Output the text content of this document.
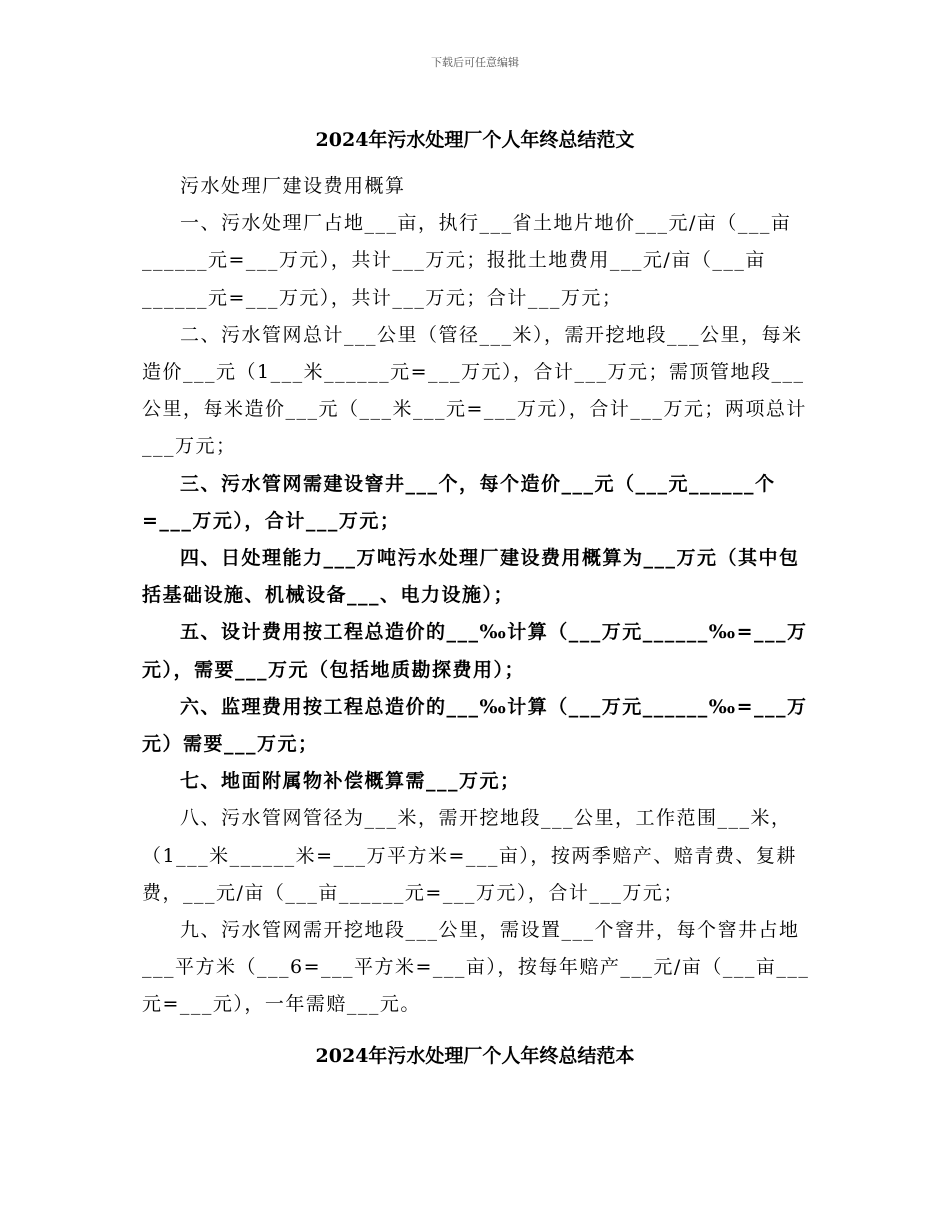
下载后可任意编辑
2024年污水处理厂个人年终总结范文

污水处理厂建设费用概算

一、污水处理厂占地___亩，执行___省土地片地价___元/亩（___亩______元=___万元），共计___万元；报批土地费用___元/亩（___亩______元=___万元），共计___万元；合计___万元；

二、污水管网总计___公里（管径___米），需开挖地段___公里，每米造价___元（1___米______元=___万元），合计___万元；需顶管地段___公里，每米造价___元（___米___元=___万元），合计___万元；两项总计___万元；

三、污水管网需建设窨井___个，每个造价___元（___元______个=___万元），合计___万元；

四、日处理能力___万吨污水处理厂建设费用概算为___万元（其中包括基础设施、机械设备___、电力设施）；

五、设计费用按工程总造价的___‰计算（___万元______‰=___万元），需要___万元（包括地质勘探费用）；

六、监理费用按工程总造价的___‰计算（___万元______‰=___万元）需要___万元；

七、地面附属物补偿概算需___万元；

八、污水管网管径为___米，需开挖地段___公里，工作范围___米，（1___米______米=___万平方米=___亩），按两季赔产、赔青费、复耕费，___元/亩（___亩______元=___万元），合计___万元；

九、污水管网需开挖地段___公里，需设置___个窨井，每个窨井占地___平方米（___6=___平方米=___亩），按每年赔产___元/亩（___亩___元=___元），一年需赔___元。

2024年污水处理厂个人年终总结范本
